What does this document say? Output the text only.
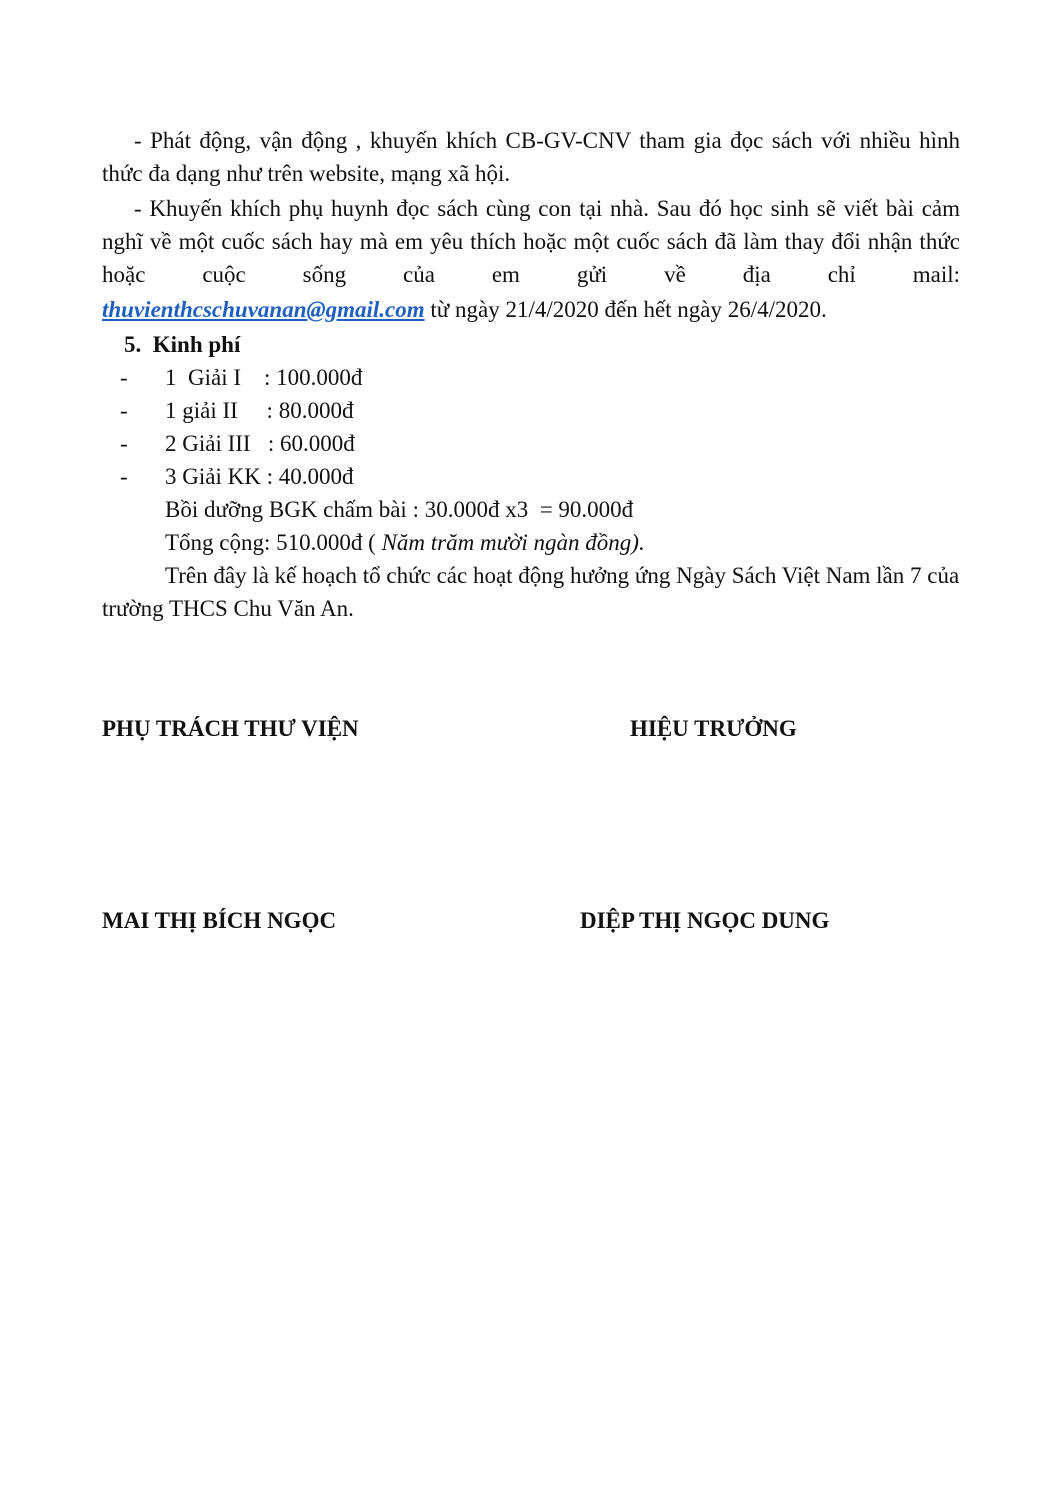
- Phát động, vận động , khuyến khích CB-GV-CNV tham gia đọc sách với nhiều hình thức đa dạng như trên website, mạng xã hội.

- Khuyến khích phụ huynh đọc sách cùng con tại nhà. Sau đó học sinh sẽ viết bài cảm nghĩ về một cuốc sách hay mà em yêu thích hoặc một cuốc sách đã làm thay đổi nhận thức hoặc cuộc sống của em gửi về địa chỉ mail:

thuvienthcschuvanan@gmail.com từ ngày 21/4/2020 đến hết ngày 26/4/2020.

5. Kinh phí

-	1  Giải I    : 100.000đ

-	1 giải II     : 80.000đ

-	2 Giải III   : 60.000đ

-	3 Giải KK : 40.000đ

Bồi dưỡng BGK chấm bài : 30.000đ x3  = 90.000đ

Tổng cộng: 510.000đ ( Năm trăm mười ngàn đồng).

Trên đây là kế hoạch tổ chức các hoạt động hưởng ứng Ngày Sách Việt Nam lần 7 của trường THCS Chu Văn An.

PHỤ TRÁCH THƯ VIỆN	HIỆU TRƯỞNG
MAI THỊ BÍCH NGỌC	DIỆP THỊ NGỌC DUNG
